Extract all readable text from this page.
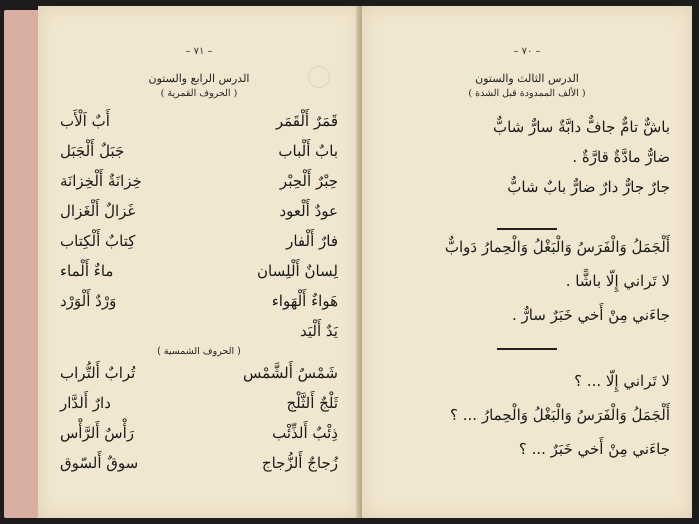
– ٧١ –
الدرس الرابع والستون
( الحروف القمرية )
قَمَرٌ أَلْقَمَر
أَبٌ اَلْأَب
بابٌ أَلْباب
جَبَلٌ أَلْجَبَل
حِبْرٌ أَلْحِبْر
خِزانَةٌ أَلْخِزانَة
عودٌ أَلْعود
غَزالٌ أَلْغَزال
فارٌ أَلْفار
كِتابٌ أَلْكِتاب
لِسانٌ أَلْلِسان
ماءٌ أَلْماء
هَواءٌ أَلْهَواء
وَرْدٌ أَلْوَرْد
يَدٌ أَلْيَد
( الحروف الشمسية )
شَمْسٌ أَلشَّمْس
تُرابٌ أَلتُّراب
ثَلْجٌ أَلثَّلْج
دارٌ أَلدَّار
ذِئْبٌ أَلذِّئْب
رَأْسٌ أَلرَّأْس
زُجاجٌ أَلزُّجاج
سوقٌ أَلسّوق
– ٧٠ –
الدرس الثالث والستون
( الألف الممدودة قبل الشدة )
باشٌّ تامٌّ جافٌّ دابَّةٌ سارٌّ شابٌّ
ضارٌّ مادَّةٌ قارَّةٌ .
جارٌ جارٌّ دارٌ ضارٌّ بابٌ شابٌّ
أَلْجَمَلُ وَالْفَرَسُ وَالْبَغْلُ وَالْحِمارُ دَوابٌّ
لا تَراني إِلّا باشًّا .
جاءَني مِنْ أَخي خَبَرٌ سارٌّ .
لا تَراني إِلّا ... ؟
أَلْجَمَلُ وَالْفَرَسُ وَالْبَغْلُ وَالْحِمارُ ... ؟
جاءَني مِنْ أَخي خَبَرٌ ... ؟
